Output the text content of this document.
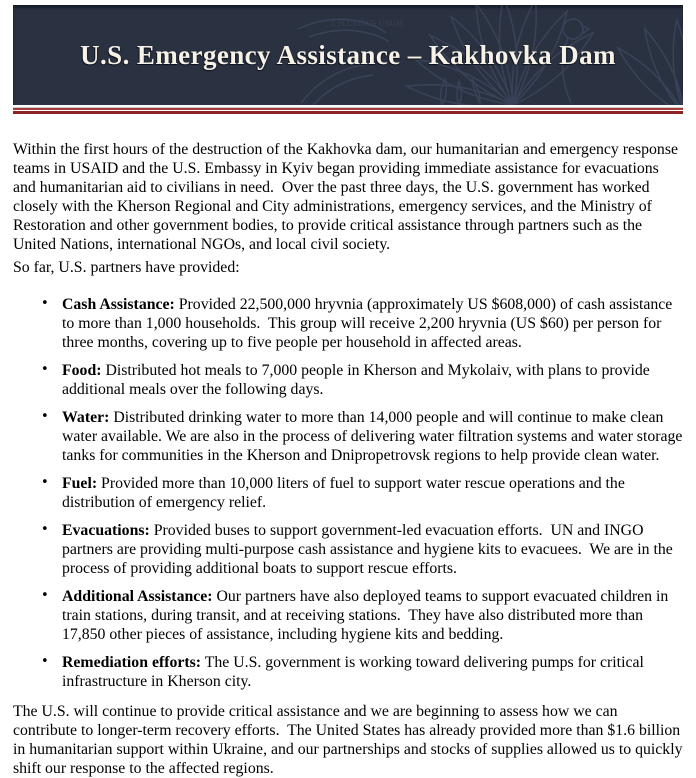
E PLURIBUS UNUM
U.S. Emergency Assistance – Kakhovka Dam

Within the first hours of the destruction of the Kakhovka dam, our humanitarian and emergency response teams in USAID and the U.S. Embassy in Kyiv began providing immediate assistance for evacuations and humanitarian aid to civilians in need.  Over the past three days, the U.S. government has worked closely with the Kherson Regional and City administrations, emergency services, and the Ministry of Restoration and other government bodies, to provide critical assistance through partners such as the United Nations, international NGOs, and local civil society.

So far, U.S. partners have provided:

• Cash Assistance: Provided 22,500,000 hryvnia (approximately US $608,000) of cash assistance to more than 1,000 households.  This group will receive 2,200 hryvnia (US $60) per person for three months, covering up to five people per household in affected areas.
• Food: Distributed hot meals to 7,000 people in Kherson and Mykolaiv, with plans to provide additional meals over the following days.
• Water: Distributed drinking water to more than 14,000 people and will continue to make clean water available. We are also in the process of delivering water filtration systems and water storage tanks for communities in the Kherson and Dnipropetrovsk regions to help provide clean water.
• Fuel: Provided more than 10,000 liters of fuel to support water rescue operations and the distribution of emergency relief.
• Evacuations: Provided buses to support government-led evacuation efforts.  UN and INGO partners are providing multi-purpose cash assistance and hygiene kits to evacuees.  We are in the process of providing additional boats to support rescue efforts.
• Additional Assistance: Our partners have also deployed teams to support evacuated children in train stations, during transit, and at receiving stations.  They have also distributed more than 17,850 other pieces of assistance, including hygiene kits and bedding.
• Remediation efforts: The U.S. government is working toward delivering pumps for critical infrastructure in Kherson city.

The U.S. will continue to provide critical assistance and we are beginning to assess how we can contribute to longer-term recovery efforts.  The United States has already provided more than $1.6 billion in humanitarian support within Ukraine, and our partnerships and stocks of supplies allowed us to quickly shift our response to the affected regions.
